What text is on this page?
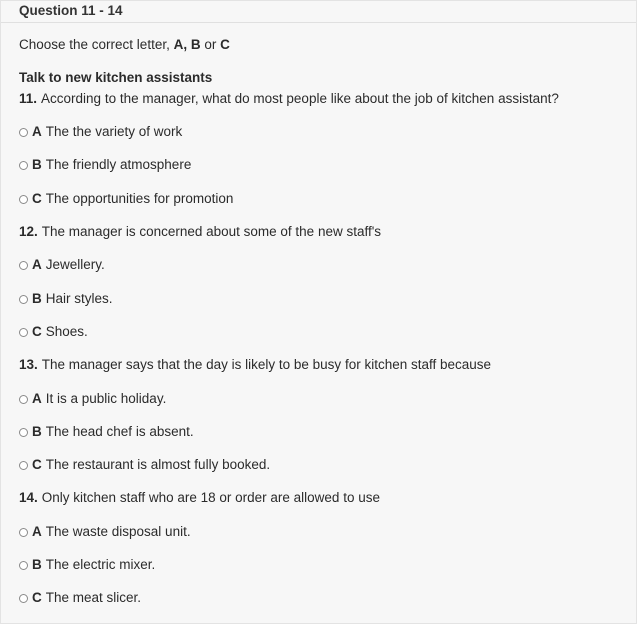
Question 11 - 14
Choose the correct letter, A, B or C
Talk to new kitchen assistants
11. According to the manager, what do most people like about the job of kitchen assistant?
A The the variety of work
B The friendly atmosphere
C The opportunities for promotion
12. The manager is concerned about some of the new staff's
A Jewellery.
B Hair styles.
C Shoes.
13. The manager says that the day is likely to be busy for kitchen staff because
A It is a public holiday.
B The head chef is absent.
C The restaurant is almost fully booked.
14. Only kitchen staff who are 18 or order are allowed to use
A The waste disposal unit.
B The electric mixer.
C The meat slicer.
